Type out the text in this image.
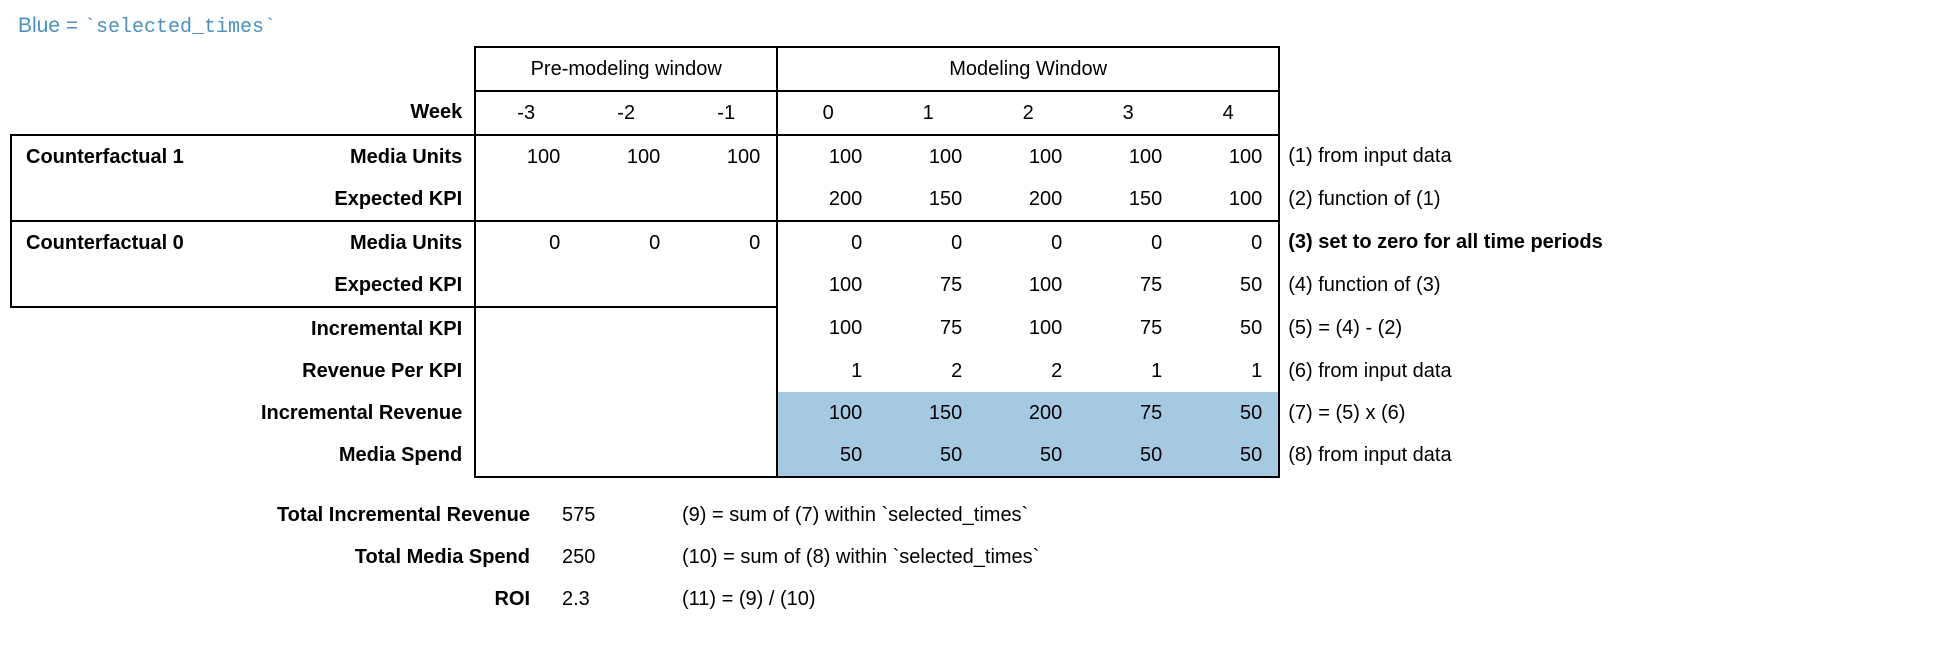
Blue = `selected_times`
		Pre-modeling window			Modeling Window					
	Week	-3	-2	-1	0	1	2	3	4	
Counterfactual 1	Media Units	100	100	100	100	100	100	100	100	(1) from input data
	Expected KPI				200	150	200	150	100	(2) function of (1)
Counterfactual 0	Media Units	0	0	0	0	0	0	0	0	(3) set to zero for all time periods
	Expected KPI				100	75	100	75	50	(4) function of (3)
	Incremental KPI				100	75	100	75	50	(5) = (4) - (2)
	Revenue Per KPI				1	2	2	1	1	(6) from input data
	Incremental Revenue				100	150	200	75	50	(7) = (5) x (6)
	Media Spend				50	50	50	50	50	(8) from input data
Total Incremental Revenue	575	(9) = sum of (7) within `selected_times`
Total Media Spend	250	(10) = sum of (8) within `selected_times`
ROI	2.3	(11) = (9) / (10)
